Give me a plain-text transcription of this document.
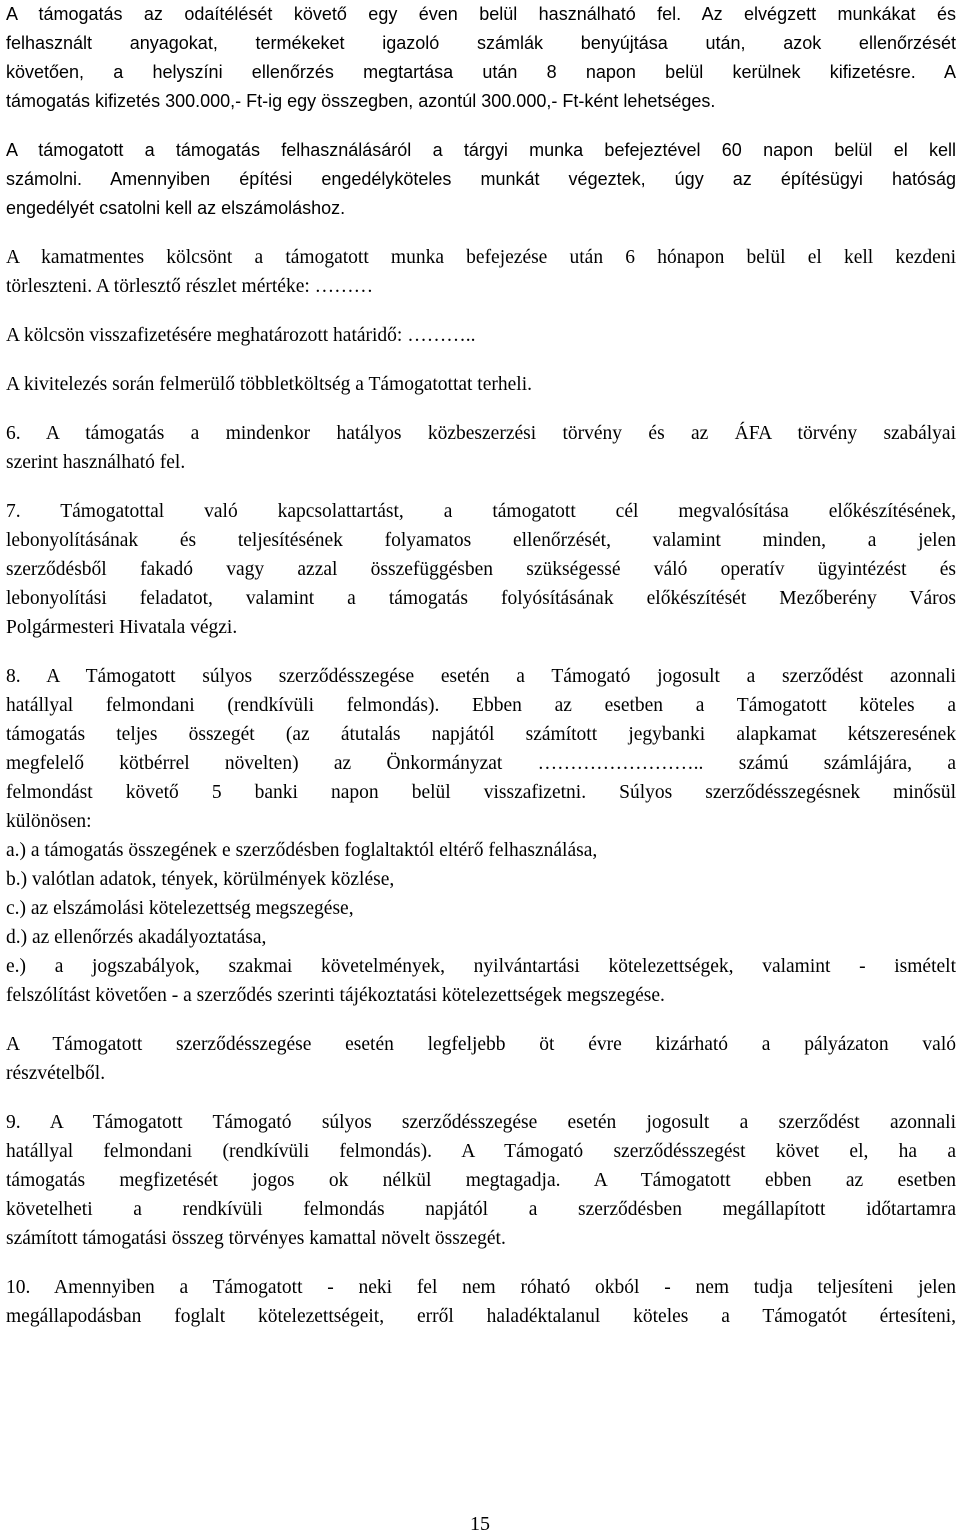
A támogatás az odaítélését követő egy éven belül használható fel. Az elvégzett munkákat és
felhasznált anyagokat, termékeket igazoló számlák benyújtása után, azok ellenőrzését
követően, a helyszíni ellenőrzés megtartása után 8 napon belül kerülnek kifizetésre. A
támogatás kifizetés 300.000,- Ft-ig egy összegben, azontúl 300.000,- Ft-ként lehetséges.
A támogatott a támogatás felhasználásáról a tárgyi munka befejeztével 60 napon belül el kell
számolni. Amennyiben építési engedélyköteles munkát végeztek, úgy az építésügyi hatóság
engedélyét csatolni kell az elszámoláshoz.
A kamatmentes kölcsönt a támogatott munka befejezése után 6 hónapon belül el kell kezdeni
törleszteni. A törlesztő részlet mértéke: ………
A kölcsön visszafizetésére meghatározott határidő: ………..
A kivitelezés során felmerülő többletköltség a Támogatottat terheli.
6. A támogatás a mindenkor hatályos közbeszerzési törvény és az ÁFA törvény szabályai
szerint használható fel.
7. Támogatottal való kapcsolattartást, a támogatott cél megvalósítása előkészítésének,
lebonyolításának és teljesítésének folyamatos ellenőrzését, valamint minden, a jelen
szerződésből fakadó vagy azzal összefüggésben szükségessé váló operatív ügyintézést és
lebonyolítási feladatot, valamint a támogatás folyósításának előkészítését Mezőberény Város
Polgármesteri Hivatala végzi.
8. A Támogatott súlyos szerződésszegése esetén a Támogató jogosult a szerződést azonnali
hatállyal felmondani (rendkívüli felmondás). Ebben az esetben a Támogatott köteles a
támogatás teljes összegét (az átutalás napjától számított jegybanki alapkamat kétszeresének
megfelelő kötbérrel növelten) az Önkormányzat …………………….. számú számlájára, a
felmondást követő 5 banki napon belül visszafizetni. Súlyos szerződésszegésnek minősül
különösen:
a.) a támogatás összegének e szerződésben foglaltaktól eltérő felhasználása,
b.) valótlan adatok, tények, körülmények közlése,
c.) az elszámolási kötelezettség megszegése,
d.) az ellenőrzés akadályoztatása,
e.) a jogszabályok, szakmai követelmények, nyilvántartási kötelezettségek, valamint - ismételt
felszólítást követően - a szerződés szerinti tájékoztatási kötelezettségek megszegése.
A Támogatott szerződésszegése esetén legfeljebb öt évre kizárható a pályázaton való
részvételből.
9. A Támogatott Támogató súlyos szerződésszegése esetén jogosult a szerződést azonnali
hatállyal felmondani (rendkívüli felmondás). A Támogató szerződésszegést követ el, ha a
támogatás megfizetését jogos ok nélkül megtagadja. A Támogatott ebben az esetben
követelheti a rendkívüli felmondás napjától a szerződésben megállapított időtartamra
számított támogatási összeg törvényes kamattal növelt összegét.
10. Amennyiben a Támogatott - neki fel nem róható okból - nem tudja teljesíteni jelen
megállapodásban foglalt kötelezettségeit, erről haladéktalanul köteles a Támogatót értesíteni,
15
